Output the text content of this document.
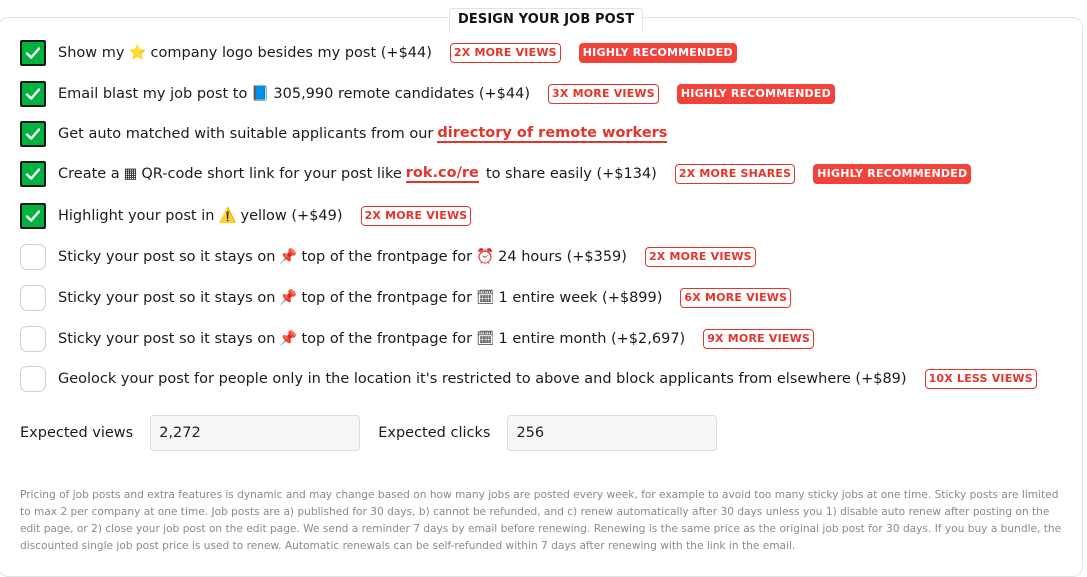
DESIGN YOUR JOB POST
Show my ⭐ company logo besides my post (+$44)	2X MORE VIEWS	HIGHLY RECOMMENDED
Email blast my job post to 📘 305,990 remote candidates (+$44)	3X MORE VIEWS	HIGHLY RECOMMENDED
Get auto matched with suitable applicants from our directory of remote workers
Create a ▦ QR-code short link for your post like rok.co/re to share easily (+$134)	2X MORE SHARES	HIGHLY RECOMMENDED
Highlight your post in ⚠️ yellow (+$49)	2X MORE VIEWS
Sticky your post so it stays on 📌 top of the frontpage for ⏰ 24 hours (+$359)	2X MORE VIEWS
Sticky your post so it stays on 📌 top of the frontpage for 🗓 1 entire week (+$899)	6X MORE VIEWS
Sticky your post so it stays on 📌 top of the frontpage for 🗓 1 entire month (+$2,697)	9X MORE VIEWS
Geolock your post for people only in the location it's restricted to above and block applicants from elsewhere (+$89)	10X LESS VIEWS
Expected views
2,272	Expected clicks
256
Pricing of job posts and extra features is dynamic and may change based on how many jobs are posted every week, for example to avoid too many sticky jobs at one time. Sticky posts are limited to max 2 per company at one time. Job posts are a) published for 30 days, b) cannot be refunded, and c) renew automatically after 30 days unless you 1) disable auto renew after posting on the edit page, or 2) close your job post on the edit page. We send a reminder 7 days by email before renewing. Renewing is the same price as the original job post for 30 days. If you buy a bundle, the discounted single job post price is used to renew. Automatic renewals can be self-refunded within 7 days after renewing with the link in the email.
